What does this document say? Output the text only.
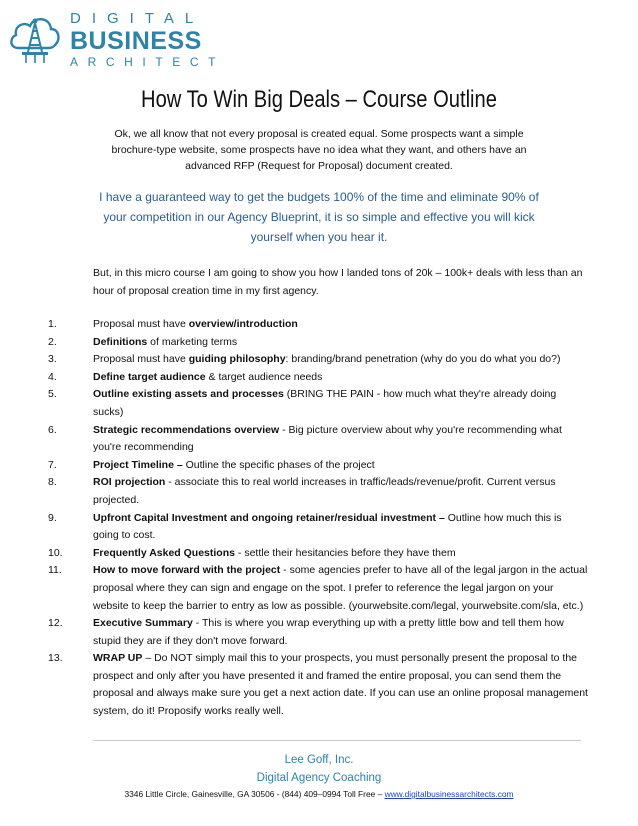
DIGITAL
BUSINESS
ARCHITECT
How To Win Big Deals – Course Outline

Ok, we all know that not every proposal is created equal. Some prospects want a simple brochure-type website, some prospects have no idea what they want, and others have an advanced RFP (Request for Proposal) document created.

I have a guaranteed way to get the budgets 100% of the time and eliminate 90% of your competition in our Agency Blueprint, it is so simple and effective you will kick yourself when you hear it.

But, in this micro course I am going to show you how I landed tons of 20k – 100k+ deals with less than an hour of proposal creation time in my first agency.

1.	Proposal must have overview/introduction
2.	Definitions of marketing terms
3.	Proposal must have guiding philosophy: branding/brand penetration (why do you do what you do?)
4.	Define target audience & target audience needs
5.	Outline existing assets and processes (BRING THE PAIN - how much what they're already doing sucks)
6.	Strategic recommendations overview - Big picture overview about why you're recommending what you're recommending
7.	Project Timeline – Outline the specific phases of the project
8.	ROI projection - associate this to real world increases in traffic/leads/revenue/profit. Current versus projected.
9.	Upfront Capital Investment and ongoing retainer/residual investment – Outline how much this is going to cost.
10.	Frequently Asked Questions - settle their hesitancies before they have them
11.	How to move forward with the project - some agencies prefer to have all of the legal jargon in the actual proposal where they can sign and engage on the spot. I prefer to reference the legal jargon on your website to keep the barrier to entry as low as possible. (yourwebsite.com/legal, yourwebsite.com/sla, etc.)
12.	Executive Summary - This is where you wrap everything up with a pretty little bow and tell them how stupid they are if they don't move forward.
13.	WRAP UP – Do NOT simply mail this to your prospects, you must personally present the proposal to the prospect and only after you have presented it and framed the entire proposal, you can send them the proposal and always make sure you get a next action date. If you can use an online proposal management system, do it! Proposify works really well.
Lee Goff, Inc.
Digital Agency Coaching
3346 Little Circle, Gainesville, GA 30506 - (844) 409–0994 Toll Free – www.digitalbusinessarchitects.com
